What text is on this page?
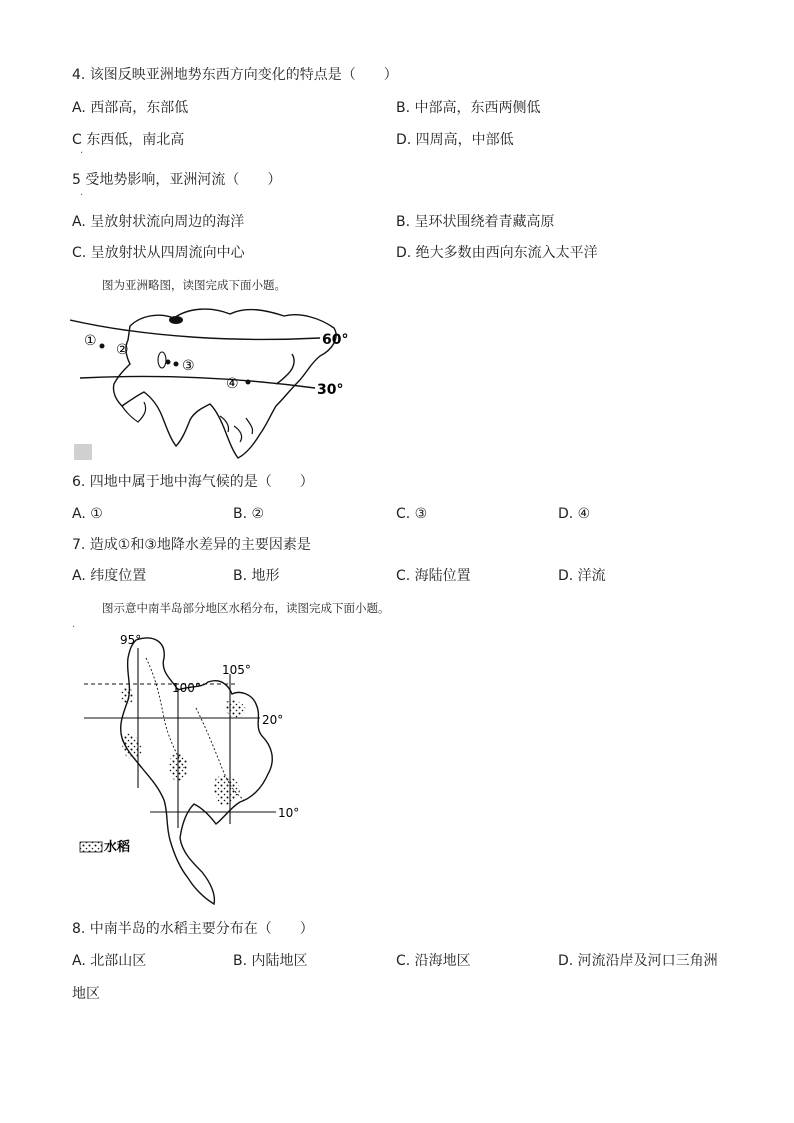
4. 该图反映亚洲地势东西方向变化的特点是（　　）
A. 西部高，东部低	B. 中部高，东西两侧低
C 东西低，南北高	D. 四周高，中部低
·
5 受地势影响，亚洲河流（　　）
·
A. 呈放射状流向周边的海洋	B. 呈环状围绕着青藏高原
C. 呈放射状从四周流向中心	D. 绝大多数由西向东流入太平洋
图为亚洲略图，读图完成下面小题。
60°
30°
①
②
③
④
6. 四地中属于地中海气候的是（　　）
A. ①	B. ②	C. ③	D. ④
7. 造成①和③地降水差异的主要因素是
A. 纬度位置	B. 地形	C. 海陆位置	D. 洋流
图示意中南半岛部分地区水稻分布，读图完成下面小题。
·
95°
100°
105°
20°
10°
水稻
8. 中南半岛的水稻主要分布在（　　）
A. 北部山区	B. 内陆地区	C. 沿海地区	D. 河流沿岸及河口三角洲
地区
